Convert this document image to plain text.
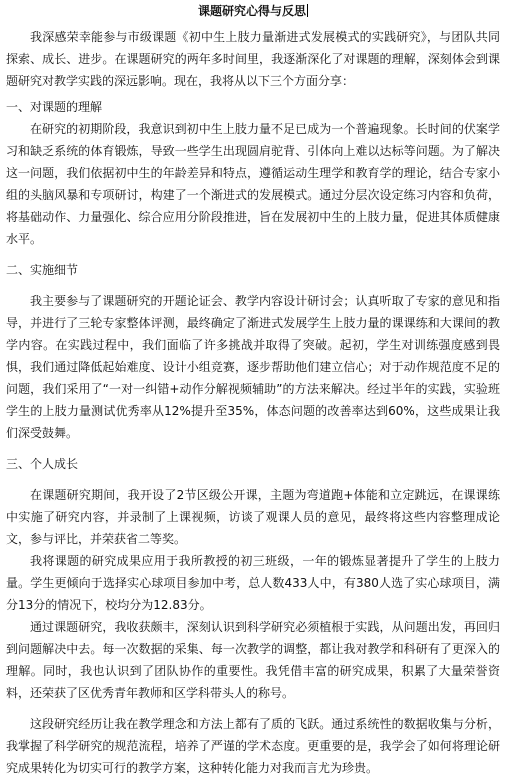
课题研究心得与反思

我深感荣幸能参与市级课题《初中生上肢力量渐进式发展模式的实践研究》，与团队共同探索、成长、进步。在课题研究的两年多时间里，我逐渐深化了对课题的理解，深刻体会到课题研究对教学实践的深远影响。现在，我将从以下三个方面分享：

一、对课题的理解

在研究的初期阶段，我意识到初中生上肢力量不足已成为一个普遍现象。长时间的伏案学习和缺乏系统的体育锻炼，导致一些学生出现圆肩驼背、引体向上难以达标等问题。为了解决这一问题，我们依据初中生的年龄差异和特点，遵循运动生理学和教育学的理论，结合专家小组的头脑风暴和专项研讨，构建了一个渐进式的发展模式。通过分层次设定练习内容和负荷，将基础动作、力量强化、综合应用分阶段推进，旨在发展初中生的上肢力量，促进其体质健康水平。

二、实施细节

我主要参与了课题研究的开题论证会、教学内容设计研讨会；认真听取了专家的意见和指导，并进行了三轮专家整体评测，最终确定了渐进式发展学生上肢力量的课课练和大课间的教学内容。在实践过程中，我们面临了许多挑战并取得了突破。起初，学生对训练强度感到畏惧，我们通过降低起始难度、设计小组竞赛，逐步帮助他们建立信心；对于动作规范度不足的问题，我们采用了“一对一纠错+动作分解视频辅助”的方法来解决。经过半年的实践，实验班学生的上肢力量测试优秀率从12%提升至35%，体态问题的改善率达到60%，这些成果让我们深受鼓舞。

三、个人成长

在课题研究期间，我开设了2节区级公开课，主题为弯道跑+体能和立定跳远，在课课练中实施了研究内容，并录制了上课视频，访谈了观课人员的意见，最终将这些内容整理成论文，参与评比，并荣获省二等奖。

我将课题的研究成果应用于我所教授的初三班级，一年的锻炼显著提升了学生的上肢力量。学生更倾向于选择实心球项目参加中考，总人数433人中，有380人选了实心球项目，满分13分的情况下，校均分为12.83分。

通过课题研究，我收获颇丰，深刻认识到科学研究必须植根于实践，从问题出发，再回归到问题解决中去。每一次数据的采集、每一次教学的调整，都让我对教学和科研有了更深入的理解。同时，我也认识到了团队协作的重要性。我凭借丰富的研究成果，积累了大量荣誉资料，还荣获了区优秀青年教师和区学科带头人的称号。

这段研究经历让我在教学理念和方法上都有了质的飞跃。通过系统性的数据收集与分析，我掌握了科学研究的规范流程，培养了严谨的学术态度。更重要的是，我学会了如何将理论研究成果转化为切实可行的教学方案，这种转化能力对我而言尤为珍贵。
